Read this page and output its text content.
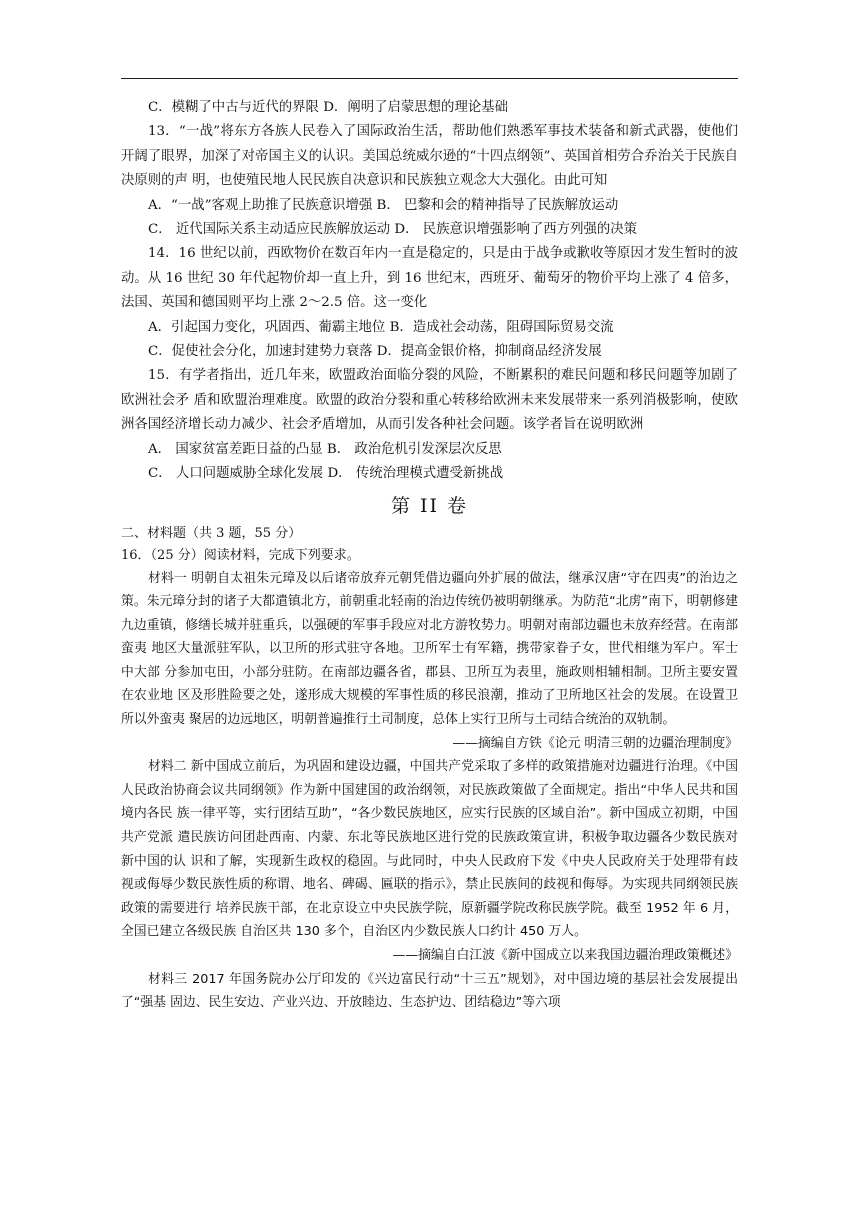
C．模糊了中古与近代的界限 D．阐明了启蒙思想的理论基础

13．“一战”将东方各族人民卷入了国际政治生活，帮助他们熟悉军事技术装备和新式武器，使他们开阔了眼界，加深了对帝国主义的认识。美国总统威尔逊的“十四点纲领”、英国首相劳合乔治关于民族自决原则的声 明，也使殖民地人民民族自决意识和民族独立观念大大强化。由此可知

A．“一战”客观上助推了民族意识增强 B． 巴黎和会的精神指导了民族解放运动

C． 近代国际关系主动适应民族解放运动 D． 民族意识增强影响了西方列强的决策

14．16 世纪以前，西欧物价在数百年内一直是稳定的，只是由于战争或歉收等原因才发生暂时的波动。从 16 世纪 30 年代起物价却一直上升，到 16 世纪末，西班牙、葡萄牙的物价平均上涨了 4 倍多，法国、英国和德国则平均上涨 2～2.5 倍。这一变化

A．引起国力变化，巩固西、葡霸主地位 B．造成社会动荡，阻碍国际贸易交流

C．促使社会分化，加速封建势力衰落 D．提高金银价格，抑制商品经济发展

15．有学者指出，近几年来，欧盟政治面临分裂的风险，不断累积的难民问题和移民问题等加剧了欧洲社会矛 盾和欧盟治理难度。欧盟的政治分裂和重心转移给欧洲未来发展带来一系列消极影响，使欧洲各国经济增长动力减少、社会矛盾增加，从而引发各种社会问题。该学者旨在说明欧洲

A． 国家贫富差距日益的凸显 B． 政治危机引发深层次反思

C． 人口问题威胁全球化发展 D． 传统治理模式遭受新挑战

第 II 卷

二、材料题（共 3 题，55 分）

16．（25 分）阅读材料，完成下列要求。

材料一 明朝自太祖朱元璋及以后诸帝放弃元朝凭借边疆向外扩展的做法，继承汉唐“守在四夷”的治边之策。朱元璋分封的诸子大都遣镇北方，前朝重北轻南的治边传统仍被明朝继承。为防范“北虏”南下，明朝修建九边重镇，修缮长城并驻重兵，以强硬的军事手段应对北方游牧势力。明朝对南部边疆也未放弃经营。在南部蛮夷 地区大量派驻军队，以卫所的形式驻守各地。卫所军士有军籍，携带家眷子女，世代相继为军户。军士中大部 分参加屯田，小部分驻防。在南部边疆各省，郡县、卫所互为表里，施政则相辅相制。卫所主要安置在农业地 区及形胜险要之处，遂形成大规模的军事性质的移民浪潮，推动了卫所地区社会的发展。在设置卫所以外蛮夷 聚居的边远地区，明朝普遍推行土司制度，总体上实行卫所与土司结合统治的双轨制。

——摘编自方铁《论元 明清三朝的边疆治理制度》

材料二 新中国成立前后，为巩固和建设边疆，中国共产党采取了多样的政策措施对边疆进行治理。《中国人民政治协商会议共同纲领》作为新中国建国的政治纲领，对民族政策做了全面规定。指出“中华人民共和国境内各民 族一律平等，实行团结互助”，“各少数民族地区，应实行民族的区域自治”。新中国成立初期，中国共产党派 遣民族访问团赴西南、内蒙、东北等民族地区进行党的民族政策宣讲，积极争取边疆各少数民族对新中国的认 识和了解，实现新生政权的稳固。与此同时，中央人民政府下发《中央人民政府关于处理带有歧视或侮辱少数民族性质的称谓、地名、碑碣、匾联的指示》，禁止民族间的歧视和侮辱。为实现共同纲领民族政策的需要进行 培养民族干部，在北京设立中央民族学院，原新疆学院改称民族学院。截至 1952 年 6 月，全国已建立各级民族 自治区共 130 多个，自治区内少数民族人口约计 450 万人。

——摘编自白江波《新中国成立以来我国边疆治理政策概述》

材料三 2017 年国务院办公厅印发的《兴边富民行动“十三五”规划》，对中国边境的基层社会发展提出了“强基 固边、民生安边、产业兴边、开放睦边、生态护边、团结稳边”等六项
